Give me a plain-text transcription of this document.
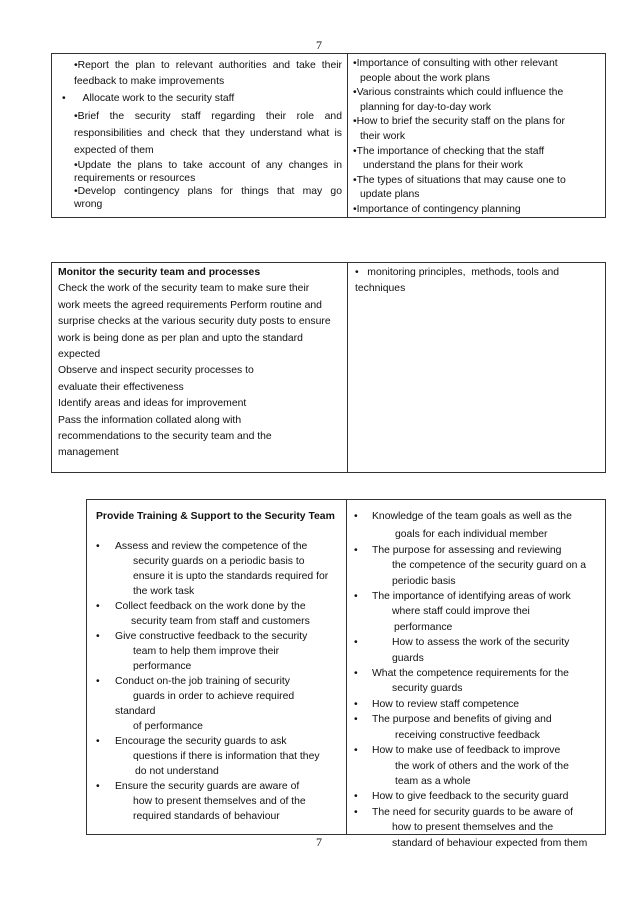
7
•Report the plan to relevant authorities and take their
feedback to make improvements
• Allocate work to the security staff
•Brief the security staff regarding their role and
responsibilities and check that they understand what is
expected of them
•Update the plans to take account of any changes in
requirements or resources
•Develop contingency plans for things that may go
wrong
•Importance of consulting with other relevant
people about the work plans
•Various constraints which could influence the
planning for day-to-day work
•How to brief the security staff on the plans for
their work
•The importance of checking that the staff
understand the plans for their work
•The types of situations that may cause one to
update plans
•Importance of contingency planning
Monitor the security team and processes
Check the work of the security team to make sure their
work meets the agreed requirements Perform routine and
surprise checks at the various security duty posts to ensure
work is being done as per plan and upto the standard
expected
Observe and inspect security processes to
evaluate their effectiveness
Identify areas and ideas for improvement
Pass the information collated along with
recommendations to the security team and the
management
•   monitoring principles,  methods, tools and
techniques
Provide Training & Support to the Security Team
• Assess and review the competence of the
security guards on a periodic basis to
ensure it is upto the standards required for
the work task
• Collect feedback on the work done by the
security team from staff and customers
• Give constructive feedback to the security
team to help them improve their
performance
• Conduct on-the job training of security
guards in order to achieve required
standard
of performance
• Encourage the security guards to ask
questions if there is information that they
do not understand
• Ensure the security guards are aware of
how to present themselves and of the
required standards of behaviour
• Knowledge of the team goals as well as the
goals for each individual member
• The purpose for assessing and reviewing
the competence of the security guard on a
periodic basis
• The importance of identifying areas of work
where staff could improve thei
performance
•	How to assess the work of the security
guards
• What the competence requirements for the
security guards
• How to review staff competence
• The purpose and benefits of giving and
receiving constructive feedback
• How to make use of feedback to improve
the work of others and the work of the
team as a whole
• How to give feedback to the security guard
• The need for security guards to be aware of
how to present themselves and the
standard of behaviour expected from them
7
